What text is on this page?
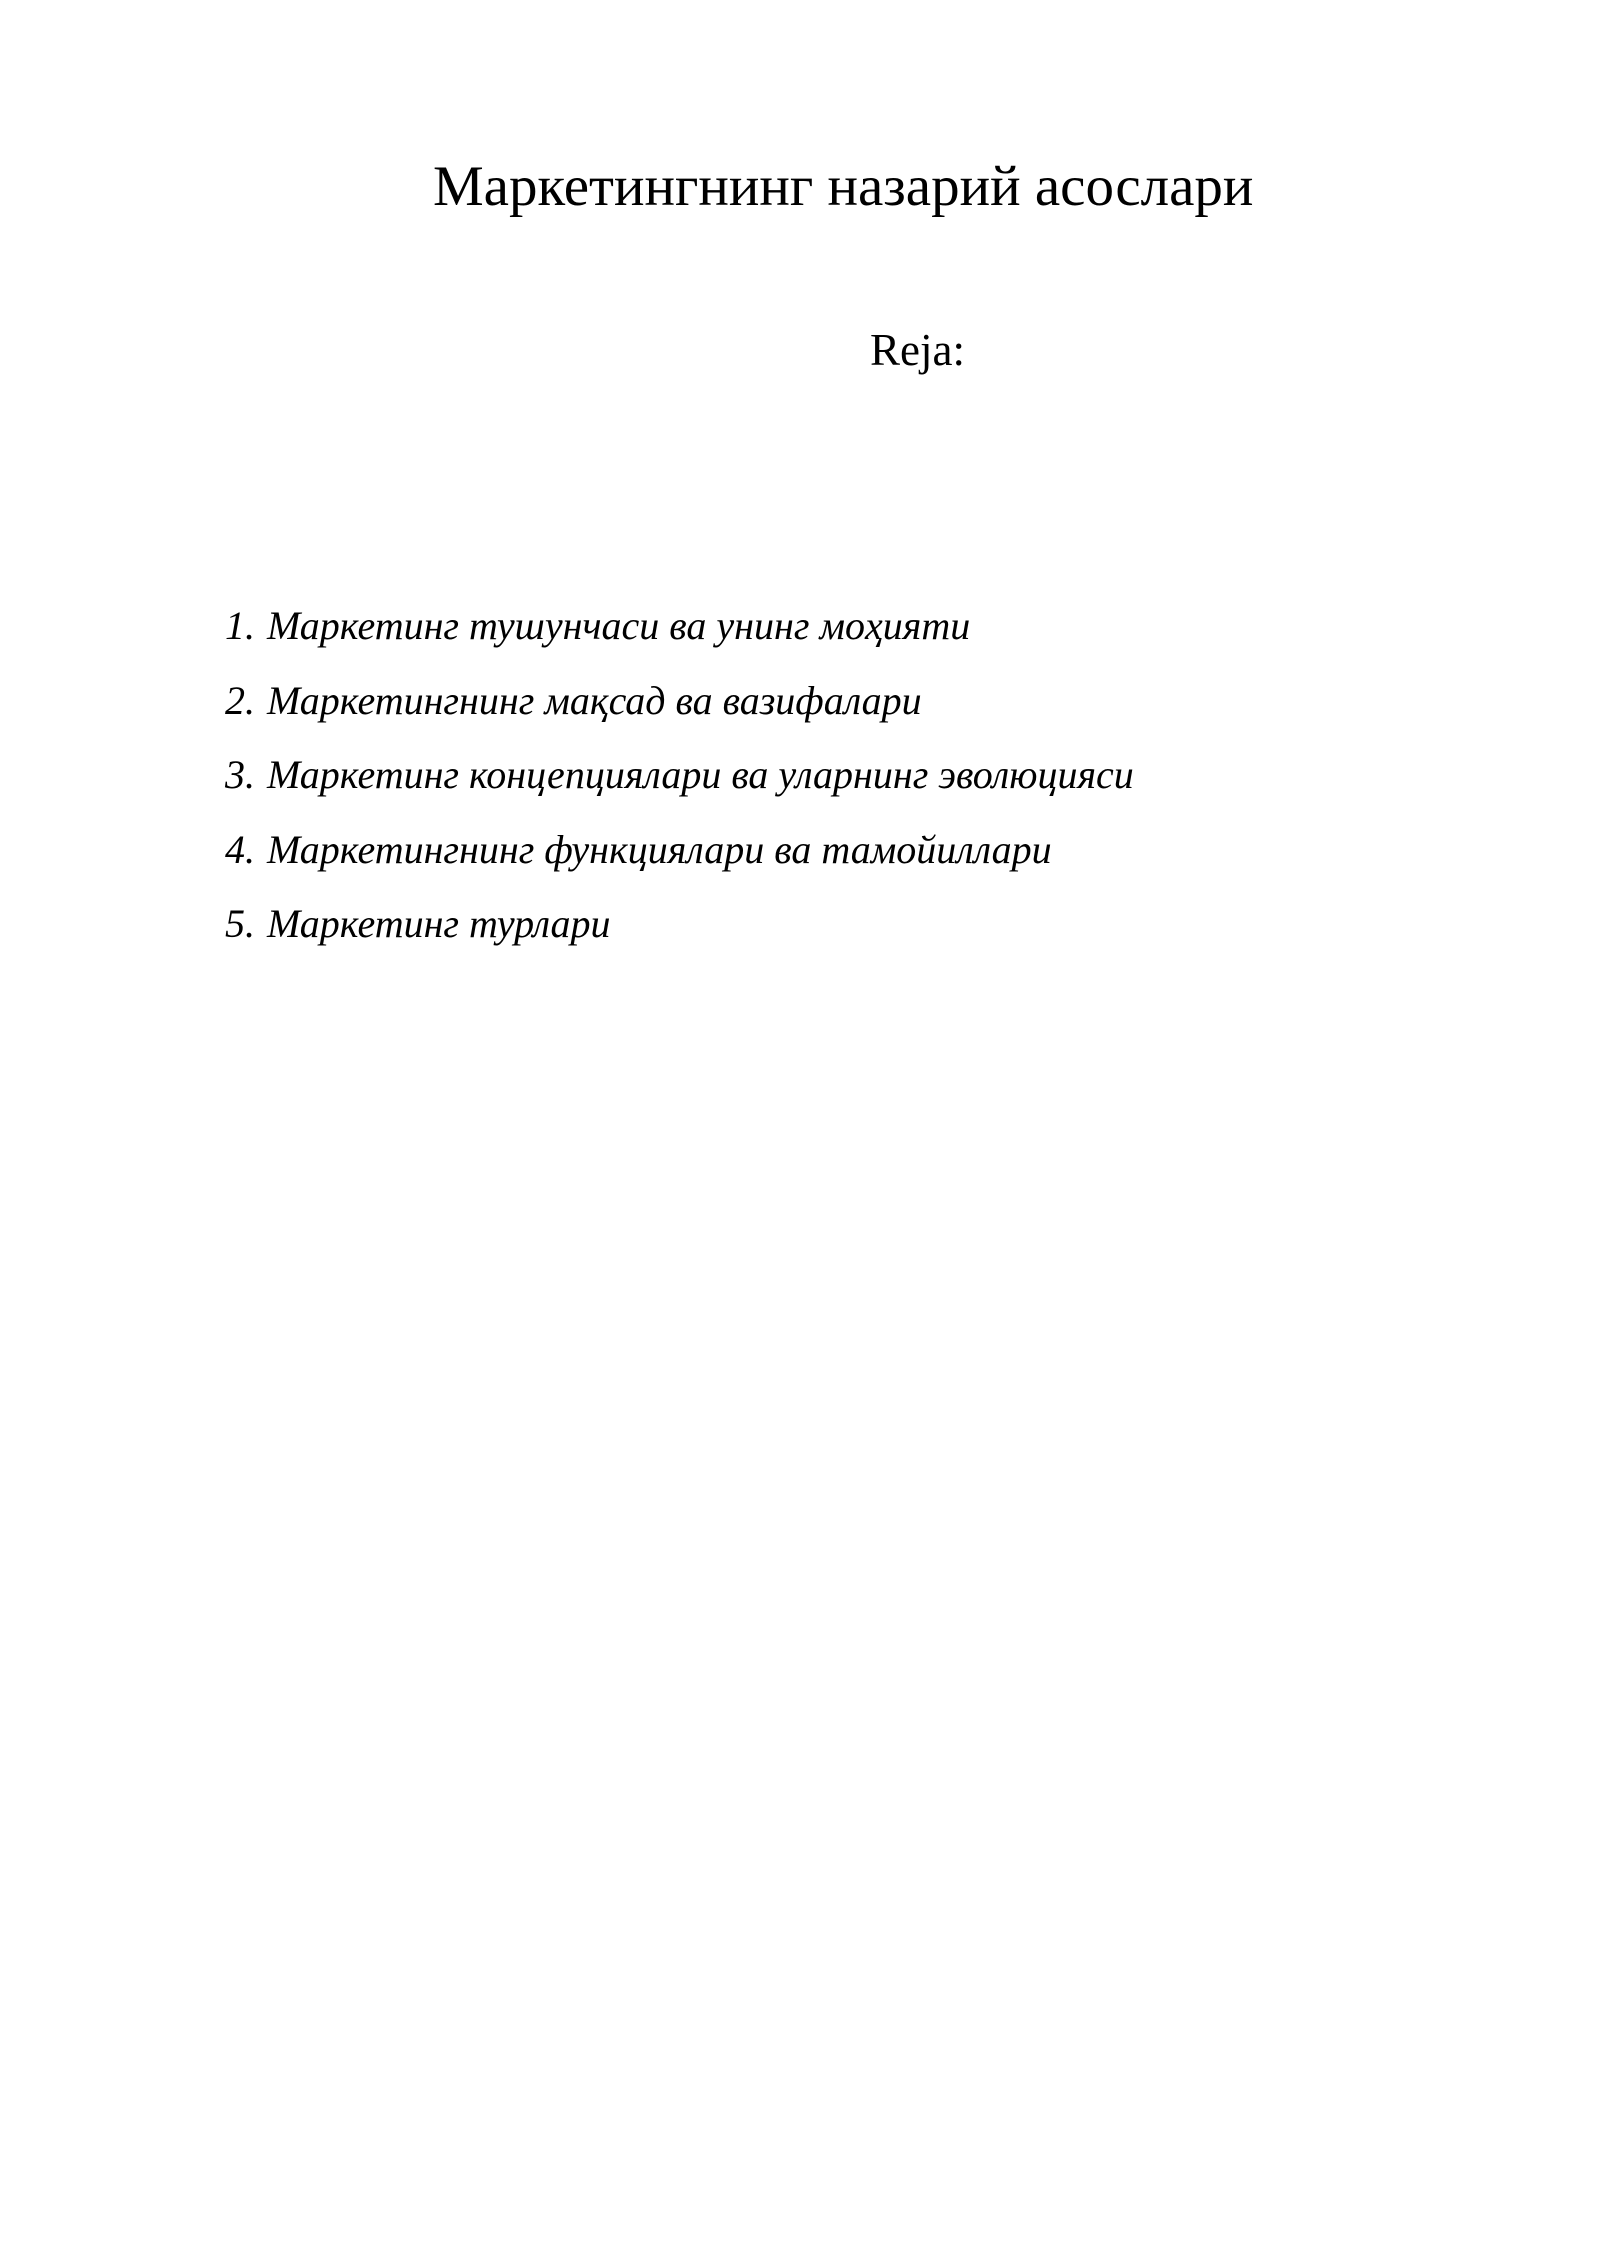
Маркетингнинг назарий асослари
Reja:
1. Маркетинг тушунчаси ва унинг моҳияти
2. Маркетингнинг мақсад ва вазифалари
3. Маркетинг концепциялари ва уларнинг эволюцияси
4. Маркетингнинг функциялари ва тамойиллари
5. Маркетинг турлари
